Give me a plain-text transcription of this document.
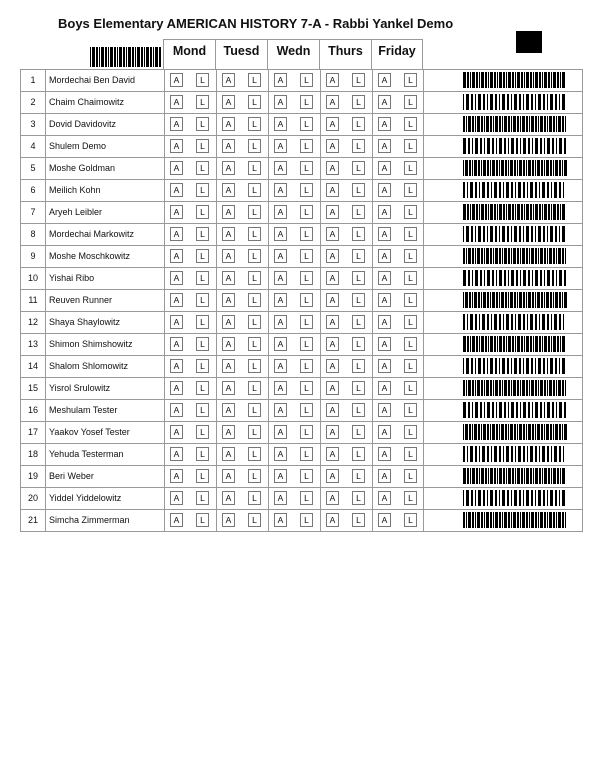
Boys Elementary AMERICAN HISTORY 7-A - Rabbi Yankel Demo
Mond	Tuesd	Wedn	Thurs	Friday
1	Mordechai Ben David	A	L	A	L	A	L	A	L	A	L
2	Chaim Chaimowitz	A	L	A	L	A	L	A	L	A	L
3	Dovid Davidovitz	A	L	A	L	A	L	A	L	A	L
4	Shulem Demo	A	L	A	L	A	L	A	L	A	L
5	Moshe Goldman	A	L	A	L	A	L	A	L	A	L
6	Meilich Kohn	A	L	A	L	A	L	A	L	A	L
7	Aryeh Leibler	A	L	A	L	A	L	A	L	A	L
8	Mordechai Markowitz	A	L	A	L	A	L	A	L	A	L
9	Moshe Moschkowitz	A	L	A	L	A	L	A	L	A	L
10	Yishai Ribo	A	L	A	L	A	L	A	L	A	L
11	Reuven Runner	A	L	A	L	A	L	A	L	A	L
12	Shaya Shaylowitz	A	L	A	L	A	L	A	L	A	L
13	Shimon Shimshowitz	A	L	A	L	A	L	A	L	A	L
14	Shalom Shlomowitz	A	L	A	L	A	L	A	L	A	L
15	Yisrol Srulowitz	A	L	A	L	A	L	A	L	A	L
16	Meshulam Tester	A	L	A	L	A	L	A	L	A	L
17	Yaakov Yosef Tester	A	L	A	L	A	L	A	L	A	L
18	Yehuda Testerman	A	L	A	L	A	L	A	L	A	L
19	Beri Weber	A	L	A	L	A	L	A	L	A	L
20	Yiddel Yiddelowitz	A	L	A	L	A	L	A	L	A	L
21	Simcha Zimmerman	A	L	A	L	A	L	A	L	A	L
